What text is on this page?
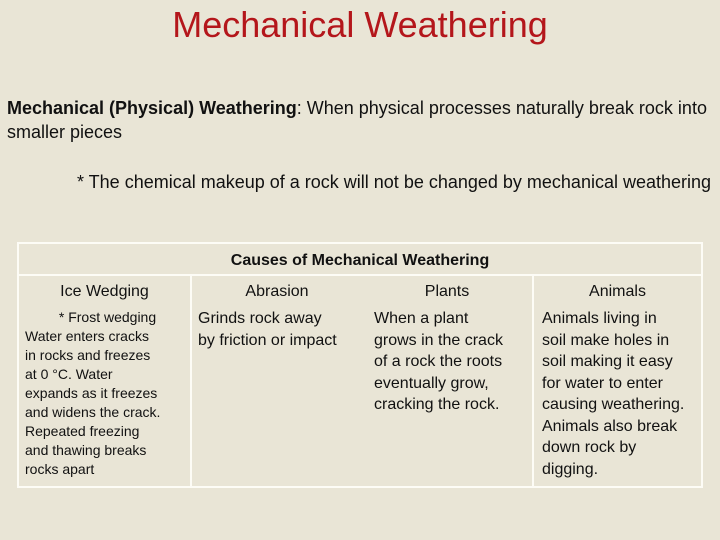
Mechanical Weathering
Mechanical (Physical) Weathering: When physical processes naturally break rock into smaller pieces
* The chemical makeup of a rock will not be changed by mechanical weathering
Causes of Mechanical Weathering
Ice Wedging
* Frost wedging
Water enters cracks
in rocks and freezes
at 0 °C. Water
expands as it freezes
and widens the crack.
Repeated freezing
and thawing breaks
rocks apart
Abrasion
Grinds rock away
by friction or impact
Plants
When a plant
grows in the crack
of a rock the roots
eventually grow,
cracking the rock.
Animals
Animals living in
soil make holes in
soil making it easy
for water to enter
causing weathering.
Animals also break
down rock by
digging.
